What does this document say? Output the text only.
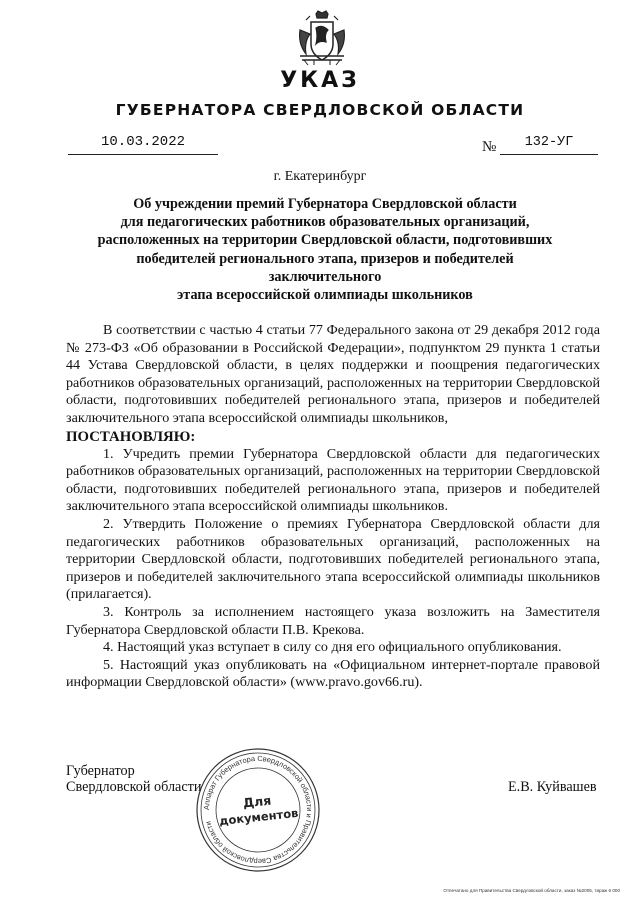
УКАЗ
ГУБЕРНАТОРА СВЕРДЛОВСКОЙ ОБЛАСТИ
10.03.2022	№	132-УГ
г. Екатеринбург
Об учреждении премий Губернатора Свердловской области
для педагогических работников образовательных организаций,
расположенных на территории Свердловской области, подготовивших
победителей регионального этапа, призеров и победителей заключительного
этапа всероссийской олимпиады школьников

В соответствии с частью 4 статьи 77 Федерального закона от 29 декабря 2012 года № 273-ФЗ «Об образовании в Российской Федерации», подпунктом 29 пункта 1 статьи 44 Устава Свердловской области, в целях поддержки и поощрения педагогических работников образовательных организаций, расположенных на территории Свердловской области, подготовивших победителей регионального этапа, призеров и победителей заключительного этапа всероссийской олимпиады школьников,

ПОСТАНОВЛЯЮ:

1. Учредить премии Губернатора Свердловской области для педагогических работников образовательных организаций, расположенных на территории Свердловской области, подготовивших победителей регионального этапа, призеров и победителей заключительного этапа всероссийской олимпиады школьников.

2. Утвердить Положение о премиях Губернатора Свердловской области для педагогических работников образовательных организаций, расположенных на территории Свердловской области, подготовивших победителей регионального этапа, призеров и победителей заключительного этапа всероссийской олимпиады школьников (прилагается).

3. Контроль за исполнением настоящего указа возложить на Заместителя Губернатора Свердловской области П.В. Крекова.

4. Настоящий указ вступает в силу со дня его официального опубликования.

5. Настоящий указ опубликовать на «Официальном интернет-портале правовой информации Свердловской области» (www.pravo.gov66.ru).

Губернатор
Свердловской области	Е.В. Куйвашев
Аппарат Губернатора Свердловской области и Правительства Свердловской области
Для
документов
Отпечатано для Правительства Свердловской области, заказ №2005, тираж 6 000
